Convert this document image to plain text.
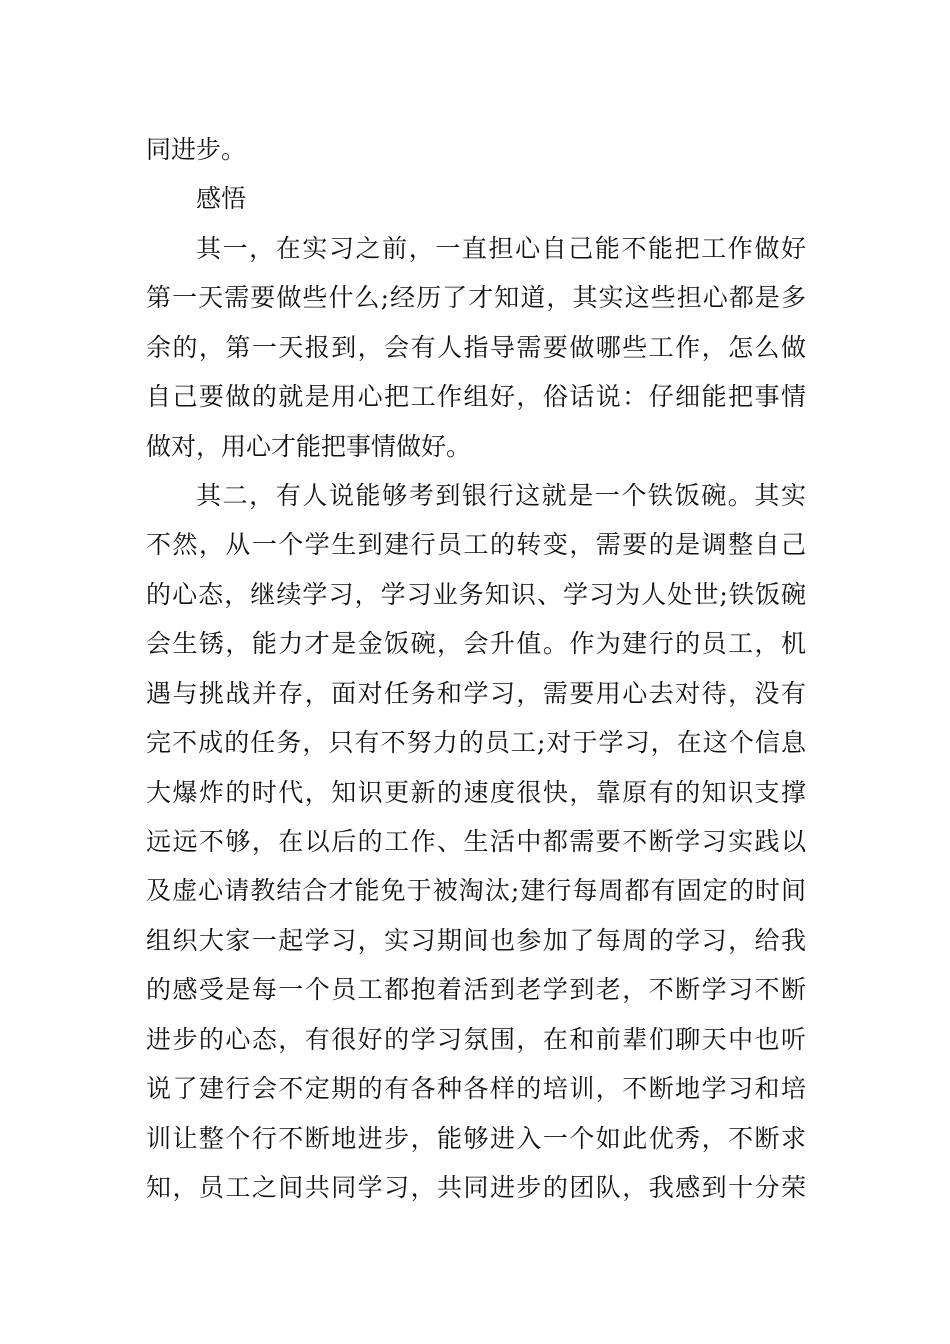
同进步。
感悟
其一，在实习之前，一直担心自己能不能把工作做好
第一天需要做些什么;经历了才知道，其实这些担心都是多
余的，第一天报到，会有人指导需要做哪些工作，怎么做
自己要做的就是用心把工作组好，俗话说：仔细能把事情
做对，用心才能把事情做好。
其二，有人说能够考到银行这就是一个铁饭碗。其实
不然，从一个学生到建行员工的转变，需要的是调整自己
的心态，继续学习，学习业务知识、学习为人处世;铁饭碗
会生锈，能力才是金饭碗，会升值。作为建行的员工，机
遇与挑战并存，面对任务和学习，需要用心去对待，没有
完不成的任务，只有不努力的员工;对于学习，在这个信息
大爆炸的时代，知识更新的速度很快，靠原有的知识支撑
远远不够，在以后的工作、生活中都需要不断学习实践以
及虚心请教结合才能免于被淘汰;建行每周都有固定的时间
组织大家一起学习，实习期间也参加了每周的学习，给我
的感受是每一个员工都抱着活到老学到老，不断学习不断
进步的心态，有很好的学习氛围，在和前辈们聊天中也听
说了建行会不定期的有各种各样的培训，不断地学习和培
训让整个行不断地进步，能够进入一个如此优秀，不断求
知，员工之间共同学习，共同进步的团队，我感到十分荣
